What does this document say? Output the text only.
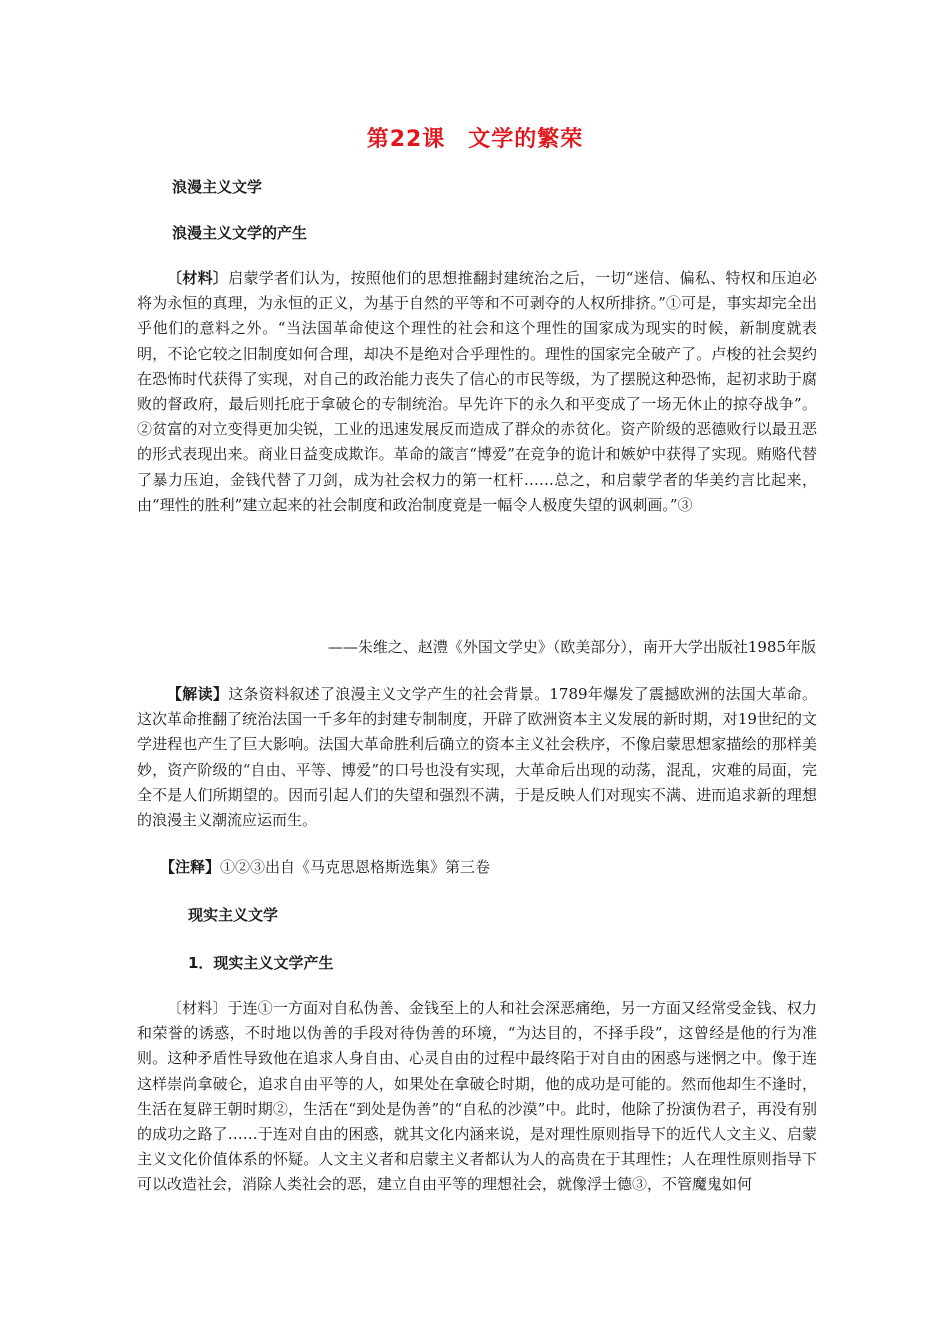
第22课　文学的繁荣
浪漫主义文学
浪漫主义文学的产生
〔材料〕启蒙学者们认为，按照他们的思想推翻封建统治之后，一切“迷信、偏私、特权和压迫必将为永恒的真理，为永恒的正义，为基于自然的平等和不可剥夺的人权所排挤。”①可是，事实却完全出乎他们的意料之外。“当法国革命使这个理性的社会和这个理性的国家成为现实的时候，新制度就表明，不论它较之旧制度如何合理，却决不是绝对合乎理性的。理性的国家完全破产了。卢梭的社会契约在恐怖时代获得了实现，对自己的政治能力丧失了信心的市民等级，为了摆脱这种恐怖，起初求助于腐败的督政府，最后则托庇于拿破仑的专制统治。早先许下的永久和平变成了一场无休止的掠夺战争”。②贫富的对立变得更加尖锐，工业的迅速发展反而造成了群众的赤贫化。资产阶级的恶德败行以最丑恶的形式表现出来。商业日益变成欺诈。革命的箴言“博爱”在竞争的诡计和嫉妒中获得了实现。贿赂代替了暴力压迫，金钱代替了刀剑，成为社会权力的第一杠杆……总之，和启蒙学者的华美约言比起来，由“理性的胜利”建立起来的社会制度和政治制度竟是一幅令人极度失望的讽刺画。”③
——朱维之、赵澧《外国文学史》（欧美部分），南开大学出版社1985年版
【解读】这条资料叙述了浪漫主义文学产生的社会背景。1789年爆发了震撼欧洲的法国大革命。这次革命推翻了统治法国一千多年的封建专制制度，开辟了欧洲资本主义发展的新时期，对19世纪的文学进程也产生了巨大影响。法国大革命胜利后确立的资本主义社会秩序，不像启蒙思想家描绘的那样美妙，资产阶级的“自由、平等、博爱”的口号也没有实现，大革命后出现的动荡，混乱，灾难的局面，完全不是人们所期望的。因而引起人们的失望和强烈不满，于是反映人们对现实不满、进而追求新的理想的浪漫主义潮流应运而生。
【注释】①②③出自《马克思恩格斯选集》第三卷
现实主义文学
1．现实主义文学产生
〔材料〕于连①一方面对自私伪善、金钱至上的人和社会深恶痛绝，另一方面又经常受金钱、权力和荣誉的诱惑，不时地以伪善的手段对待伪善的环境，“为达目的，不择手段”，这曾经是他的行为准则。这种矛盾性导致他在追求人身自由、心灵自由的过程中最终陷于对自由的困惑与迷惘之中。像于连这样崇尚拿破仑，追求自由平等的人，如果处在拿破仑时期，他的成功是可能的。然而他却生不逢时，生活在复辟王朝时期②，生活在“到处是伪善”的“自私的沙漠”中。此时，他除了扮演伪君子，再没有别的成功之路了……于连对自由的困惑，就其文化内涵来说，是对理性原则指导下的近代人文主义、启蒙主义文化价值体系的怀疑。人文主义者和启蒙主义者都认为人的高贵在于其理性；人在理性原则指导下可以改造社会，消除人类社会的恶，建立自由平等的理想社会，就像浮士德③，不管魔鬼如何
